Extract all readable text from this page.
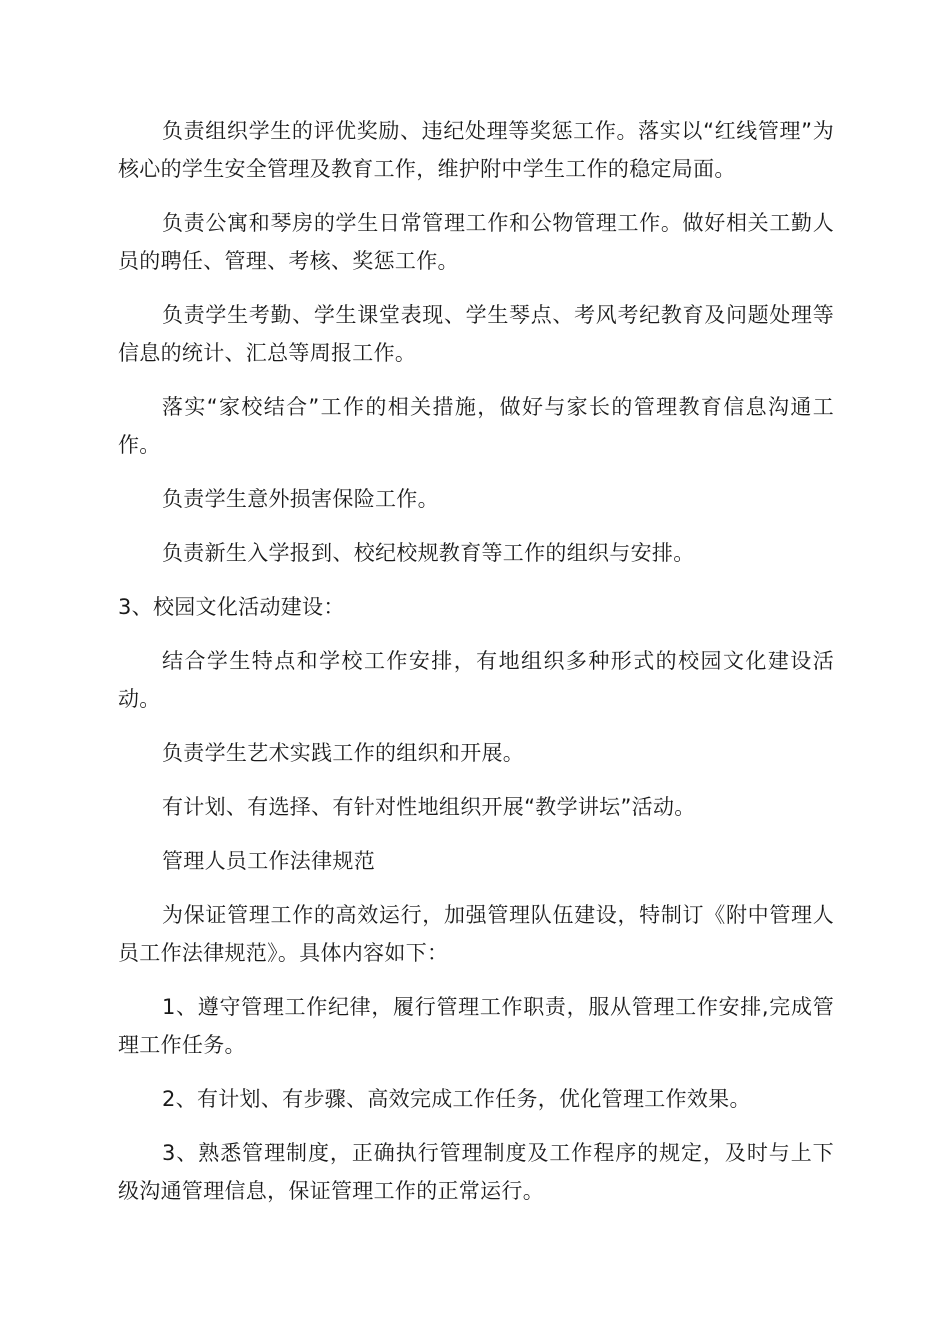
负责组织学生的评优奖励、违纪处理等奖惩工作。落实以“红线管理”为核心的学生安全管理及教育工作，维护附中学生工作的稳定局面。

负责公寓和琴房的学生日常管理工作和公物管理工作。做好相关工勤人员的聘任、管理、考核、奖惩工作。

负责学生考勤、学生课堂表现、学生琴点、考风考纪教育及问题处理等信息的统计、汇总等周报工作。

落实“家校结合”工作的相关措施，做好与家长的管理教育信息沟通工作。

负责学生意外损害保险工作。

负责新生入学报到、校纪校规教育等工作的组织与安排。

3、校园文化活动建设：

结合学生特点和学校工作安排，有地组织多种形式的校园文化建设活动。

负责学生艺术实践工作的组织和开展。

有计划、有选择、有针对性地组织开展“教学讲坛”活动。

管理人员工作法律规范

为保证管理工作的高效运行，加强管理队伍建设，特制订《附中管理人员工作法律规范》。具体内容如下：

1、遵守管理工作纪律，履行管理工作职责，服从管理工作安排,完成管理工作任务。

2、有计划、有步骤、高效完成工作任务，优化管理工作效果。

3、熟悉管理制度，正确执行管理制度及工作程序的规定，及时与上下级沟通管理信息，保证管理工作的正常运行。
